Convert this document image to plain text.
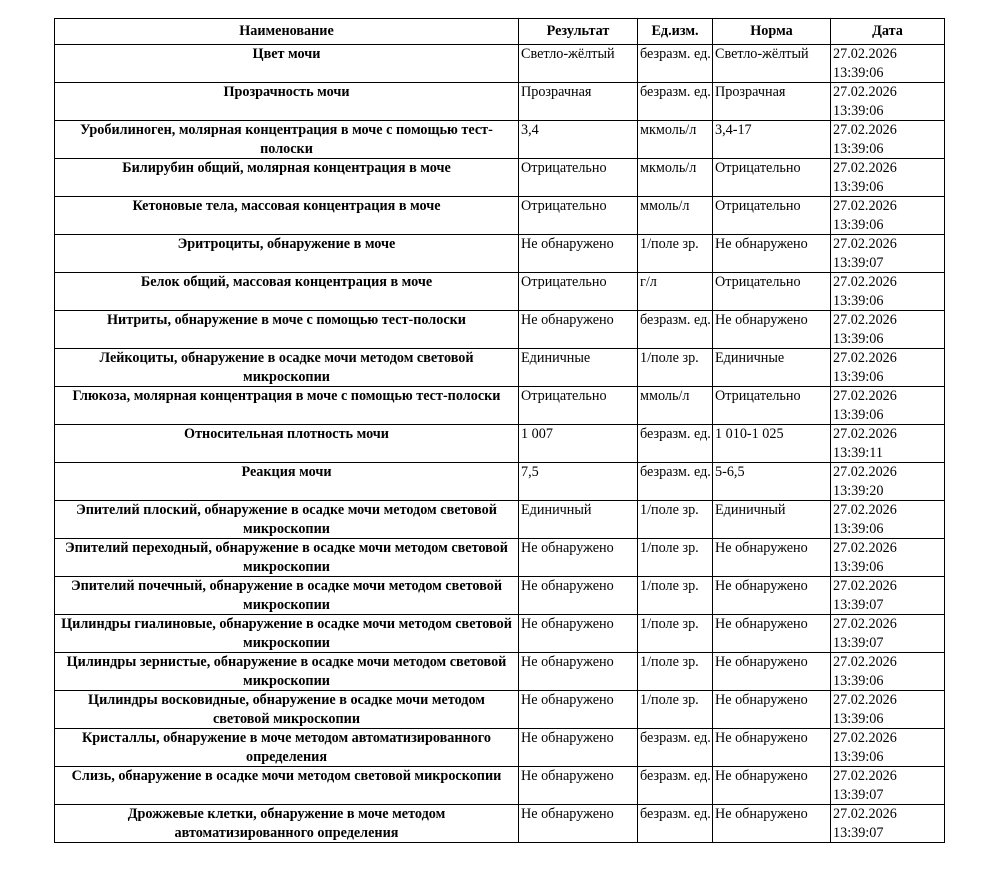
Наименование	Результат	Ед.изм.	Норма	Дата
Цвет мочи	Светло-жёлтый	безразм. ед.	Светло-жёлтый	27.02.2026 13:39:06
Прозрачность мочи	Прозрачная	безразм. ед.	Прозрачная	27.02.2026 13:39:06
Уробилиноген, молярная концентрация в моче с помощью тест-полоски	3,4	мкмоль/л	3,4-17	27.02.2026 13:39:06
Билирубин общий, молярная концентрация в моче	Отрицательно	мкмоль/л	Отрицательно	27.02.2026 13:39:06
Кетоновые тела, массовая концентрация в моче	Отрицательно	ммоль/л	Отрицательно	27.02.2026 13:39:06
Эритроциты, обнаружение в моче	Не обнаружено	1/поле зр.	Не обнаружено	27.02.2026 13:39:07
Белок общий, массовая концентрация в моче	Отрицательно	г/л	Отрицательно	27.02.2026 13:39:06
Нитриты, обнаружение в моче с помощью тест-полоски	Не обнаружено	безразм. ед.	Не обнаружено	27.02.2026 13:39:06
Лейкоциты, обнаружение в осадке мочи методом световой микроскопии	Единичные	1/поле зр.	Единичные	27.02.2026 13:39:06
Глюкоза, молярная концентрация в моче с помощью тест-полоски	Отрицательно	ммоль/л	Отрицательно	27.02.2026 13:39:06
Относительная плотность мочи	1 007	безразм. ед.	1 010-1 025	27.02.2026 13:39:11
Реакция мочи	7,5	безразм. ед.	5-6,5	27.02.2026 13:39:20
Эпителий плоский, обнаружение в осадке мочи методом световой микроскопии	Единичный	1/поле зр.	Единичный	27.02.2026 13:39:06
Эпителий переходный, обнаружение в осадке мочи методом световой микроскопии	Не обнаружено	1/поле зр.	Не обнаружено	27.02.2026 13:39:06
Эпителий почечный, обнаружение в осадке мочи методом световой микроскопии	Не обнаружено	1/поле зр.	Не обнаружено	27.02.2026 13:39:07
Цилиндры гиалиновые, обнаружение в осадке мочи методом световой микроскопии	Не обнаружено	1/поле зр.	Не обнаружено	27.02.2026 13:39:07
Цилиндры зернистые, обнаружение в осадке мочи методом световой микроскопии	Не обнаружено	1/поле зр.	Не обнаружено	27.02.2026 13:39:06
Цилиндры восковидные, обнаружение в осадке мочи методом световой микроскопии	Не обнаружено	1/поле зр.	Не обнаружено	27.02.2026 13:39:06
Кристаллы, обнаружение в моче методом автоматизированного определения	Не обнаружено	безразм. ед.	Не обнаружено	27.02.2026 13:39:06
Слизь, обнаружение в осадке мочи методом световой микроскопии	Не обнаружено	безразм. ед.	Не обнаружено	27.02.2026 13:39:07
Дрожжевые клетки, обнаружение в моче методом автоматизированного определения	Не обнаружено	безразм. ед.	Не обнаружено	27.02.2026 13:39:07
